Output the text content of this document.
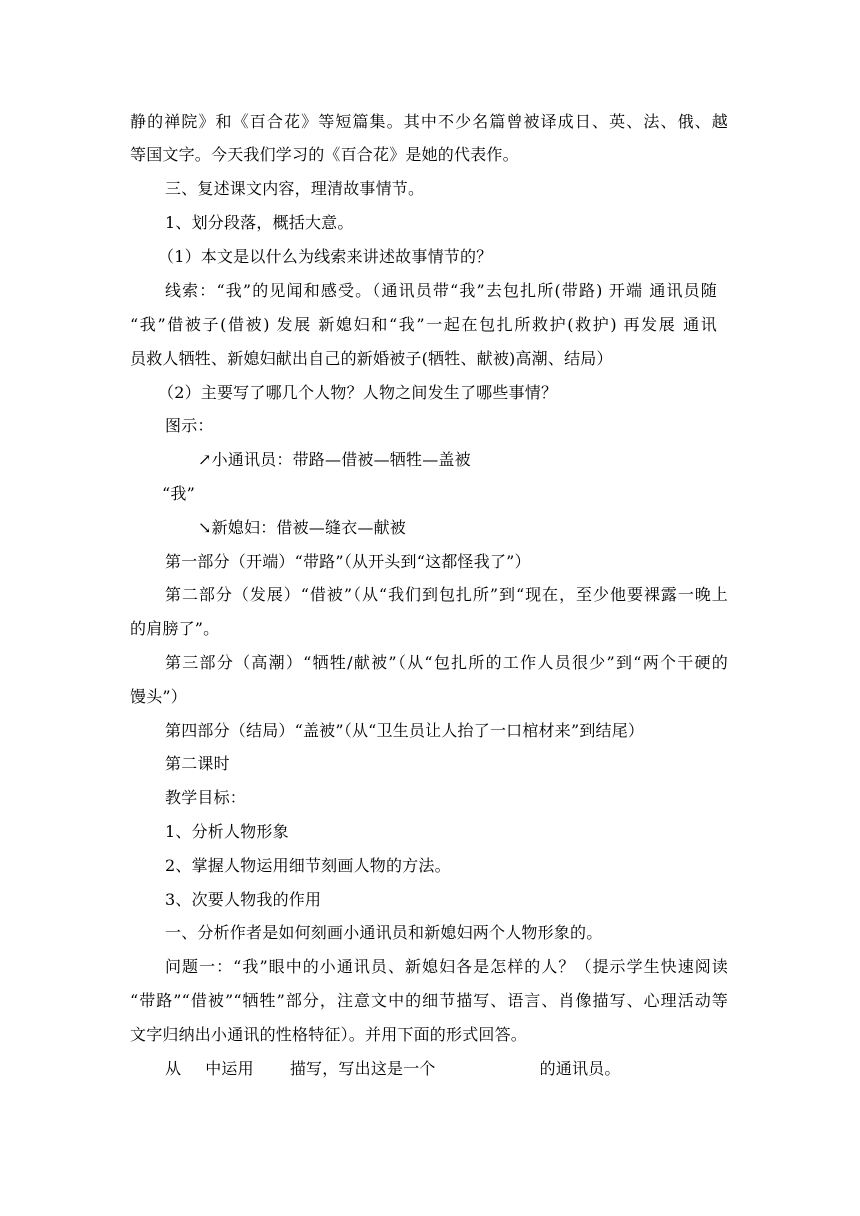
静的禅院》和《百合花》等短篇集。其中不少名篇曾被译成日、英、法、俄、越
等国文字。今天我们学习的《百合花》是她的代表作。
三、复述课文内容，理清故事情节。
1、划分段落，概括大意。
（1）本文是以什么为线索来讲述故事情节的？
线索：“我”的见闻和感受。（通讯员带“我”去包扎所(带路) 开端 通讯员随
“我”借被子(借被) 发展 新媳妇和“我”一起在包扎所救护(救护) 再发展 通讯
员救人牺牲、新媳妇献出自己的新婚被子(牺牲、献被)高潮、结局）
（2）主要写了哪几个人物？人物之间发生了哪些事情？
图示：
↗小通讯员：带路—借被—牺牲—盖被
“我”
↘新媳妇：借被—缝衣—献被
第一部分（开端）“带路”（从开头到“这都怪我了”）
第二部分（发展）“借被”（从“我们到包扎所”到“现在，至少他要裸露一晚上
的肩膀了”。
第三部分（高潮）“牺牲/献被”（从“包扎所的工作人员很少”到“两个干硬的
馒头”）
第四部分（结局）“盖被”（从“卫生员让人抬了一口棺材来”到结尾）
第二课时
教学目标：
1、分析人物形象
2、掌握人物运用细节刻画人物的方法。
3、次要人物我的作用
一、分析作者是如何刻画小通讯员和新媳妇两个人物形象的。
问题一：“我”眼中的小通讯员、新媳妇各是怎样的人？（提示学生快速阅读
“带路”“借被”“牺牲”部分，注意文中的细节描写、语言、肖像描写、心理活动等
文字归纳出小通讯的性格特征）。并用下面的形式回答。
从 中运用 描写，写出这是一个	的通讯员。
